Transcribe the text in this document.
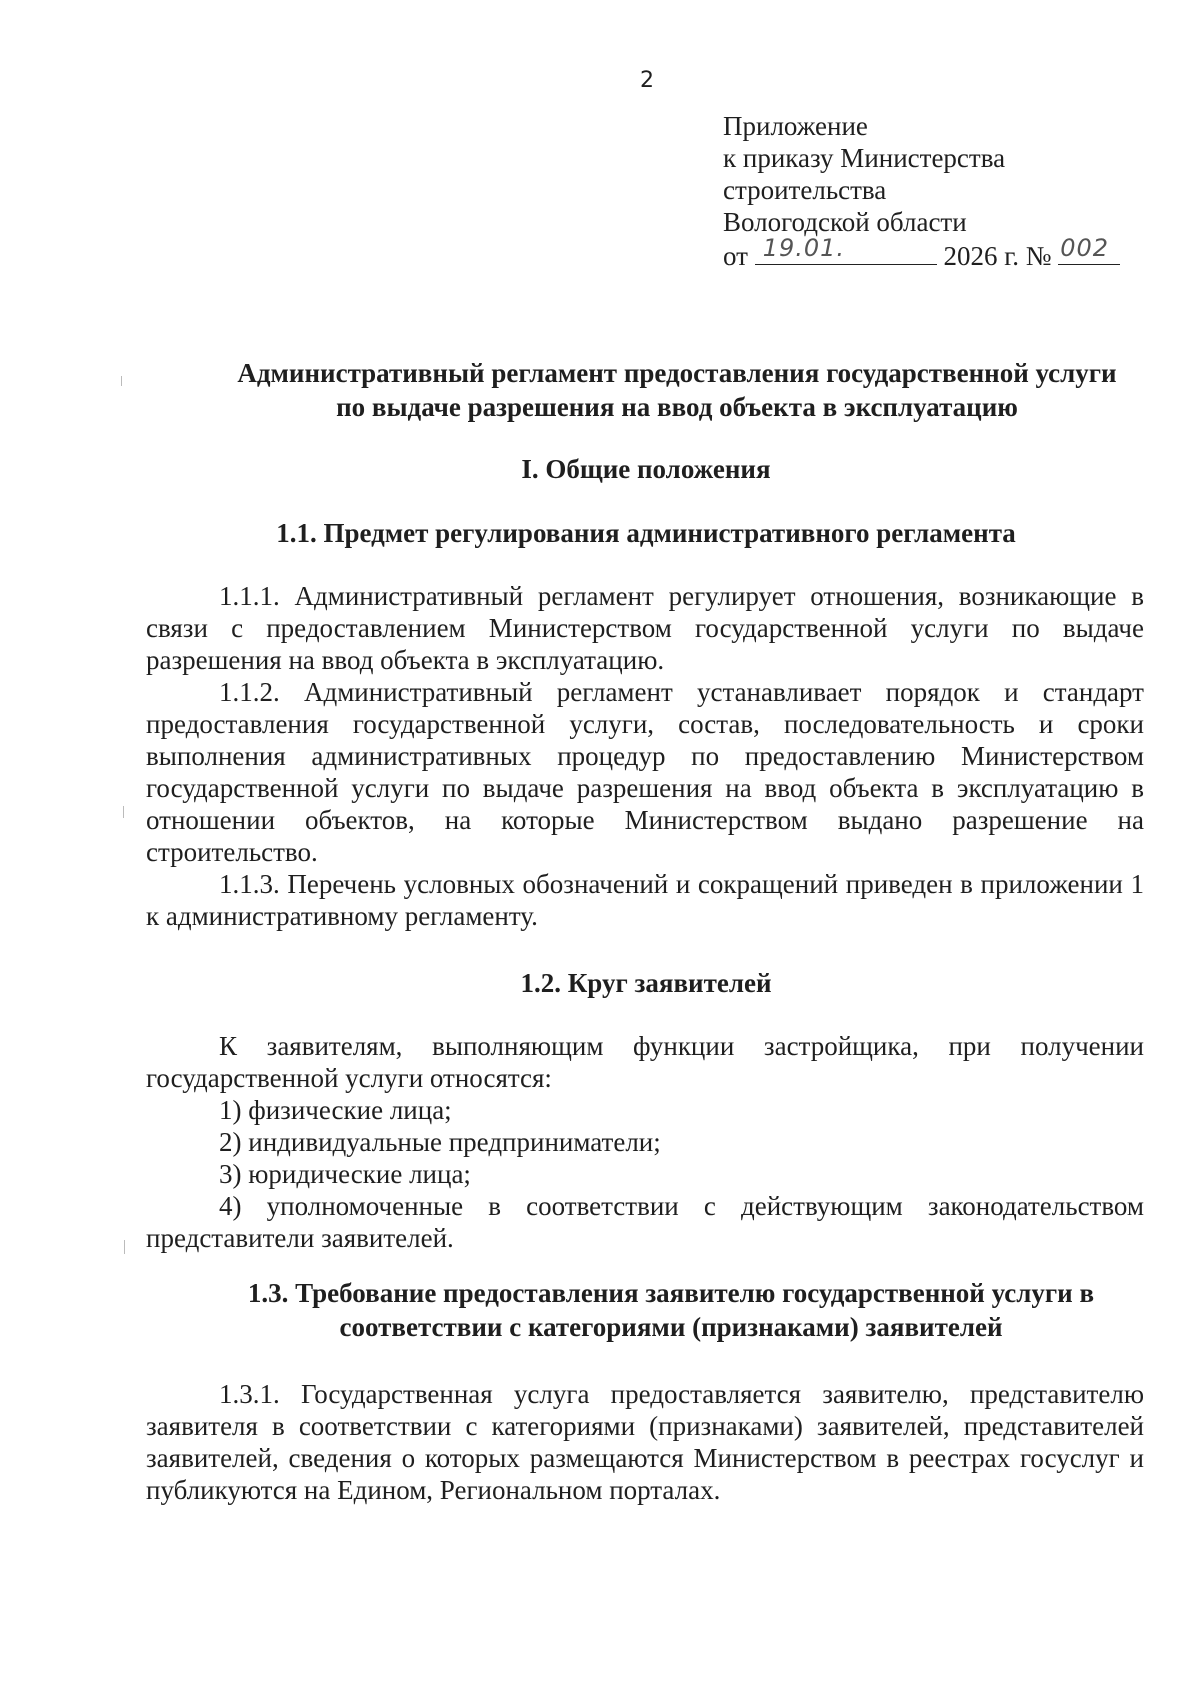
2
Приложение
к приказу Министерства
строительства
Вологодской области
от 19.01.	2026 г. № 002
Административный регламент предоставления государственной услуги
по выдаче разрешения на ввод объекта в эксплуатацию
I. Общие положения
1.1. Предмет регулирования административного регламента

1.1.1. Административный регламент регулирует отношения, возникающие в связи с предоставлением Министерством государственной услуги по выдаче разрешения на ввод объекта в эксплуатацию.

1.1.2. Административный регламент устанавливает порядок и стандарт предоставления государственной услуги, состав, последовательность и сроки выполнения административных процедур по предоставлению Министерством государственной услуги по выдаче разрешения на ввод объекта в эксплуатацию в отношении объектов, на которые Министерством выдано разрешение на строительство.

1.1.3. Перечень условных обозначений и сокращений приведен в приложении 1 к административному регламенту.

1.2. Круг заявителей

К заявителям, выполняющим функции застройщика, при получении государственной услуги относятся:

1) физические лица;
2) индивидуальные предприниматели;
3) юридические лица;

4) уполномоченные в соответствии с действующим законодательством представители заявителей.

1.3. Требование предоставления заявителю государственной услуги в
соответствии с категориями (признаками) заявителей

1.3.1. Государственная услуга предоставляется заявителю, представителю заявителя в соответствии с категориями (признаками) заявителей, представителей заявителей, сведения о которых размещаются Министерством в реестрах госуслуг и публикуются на Едином, Региональном порталах.
